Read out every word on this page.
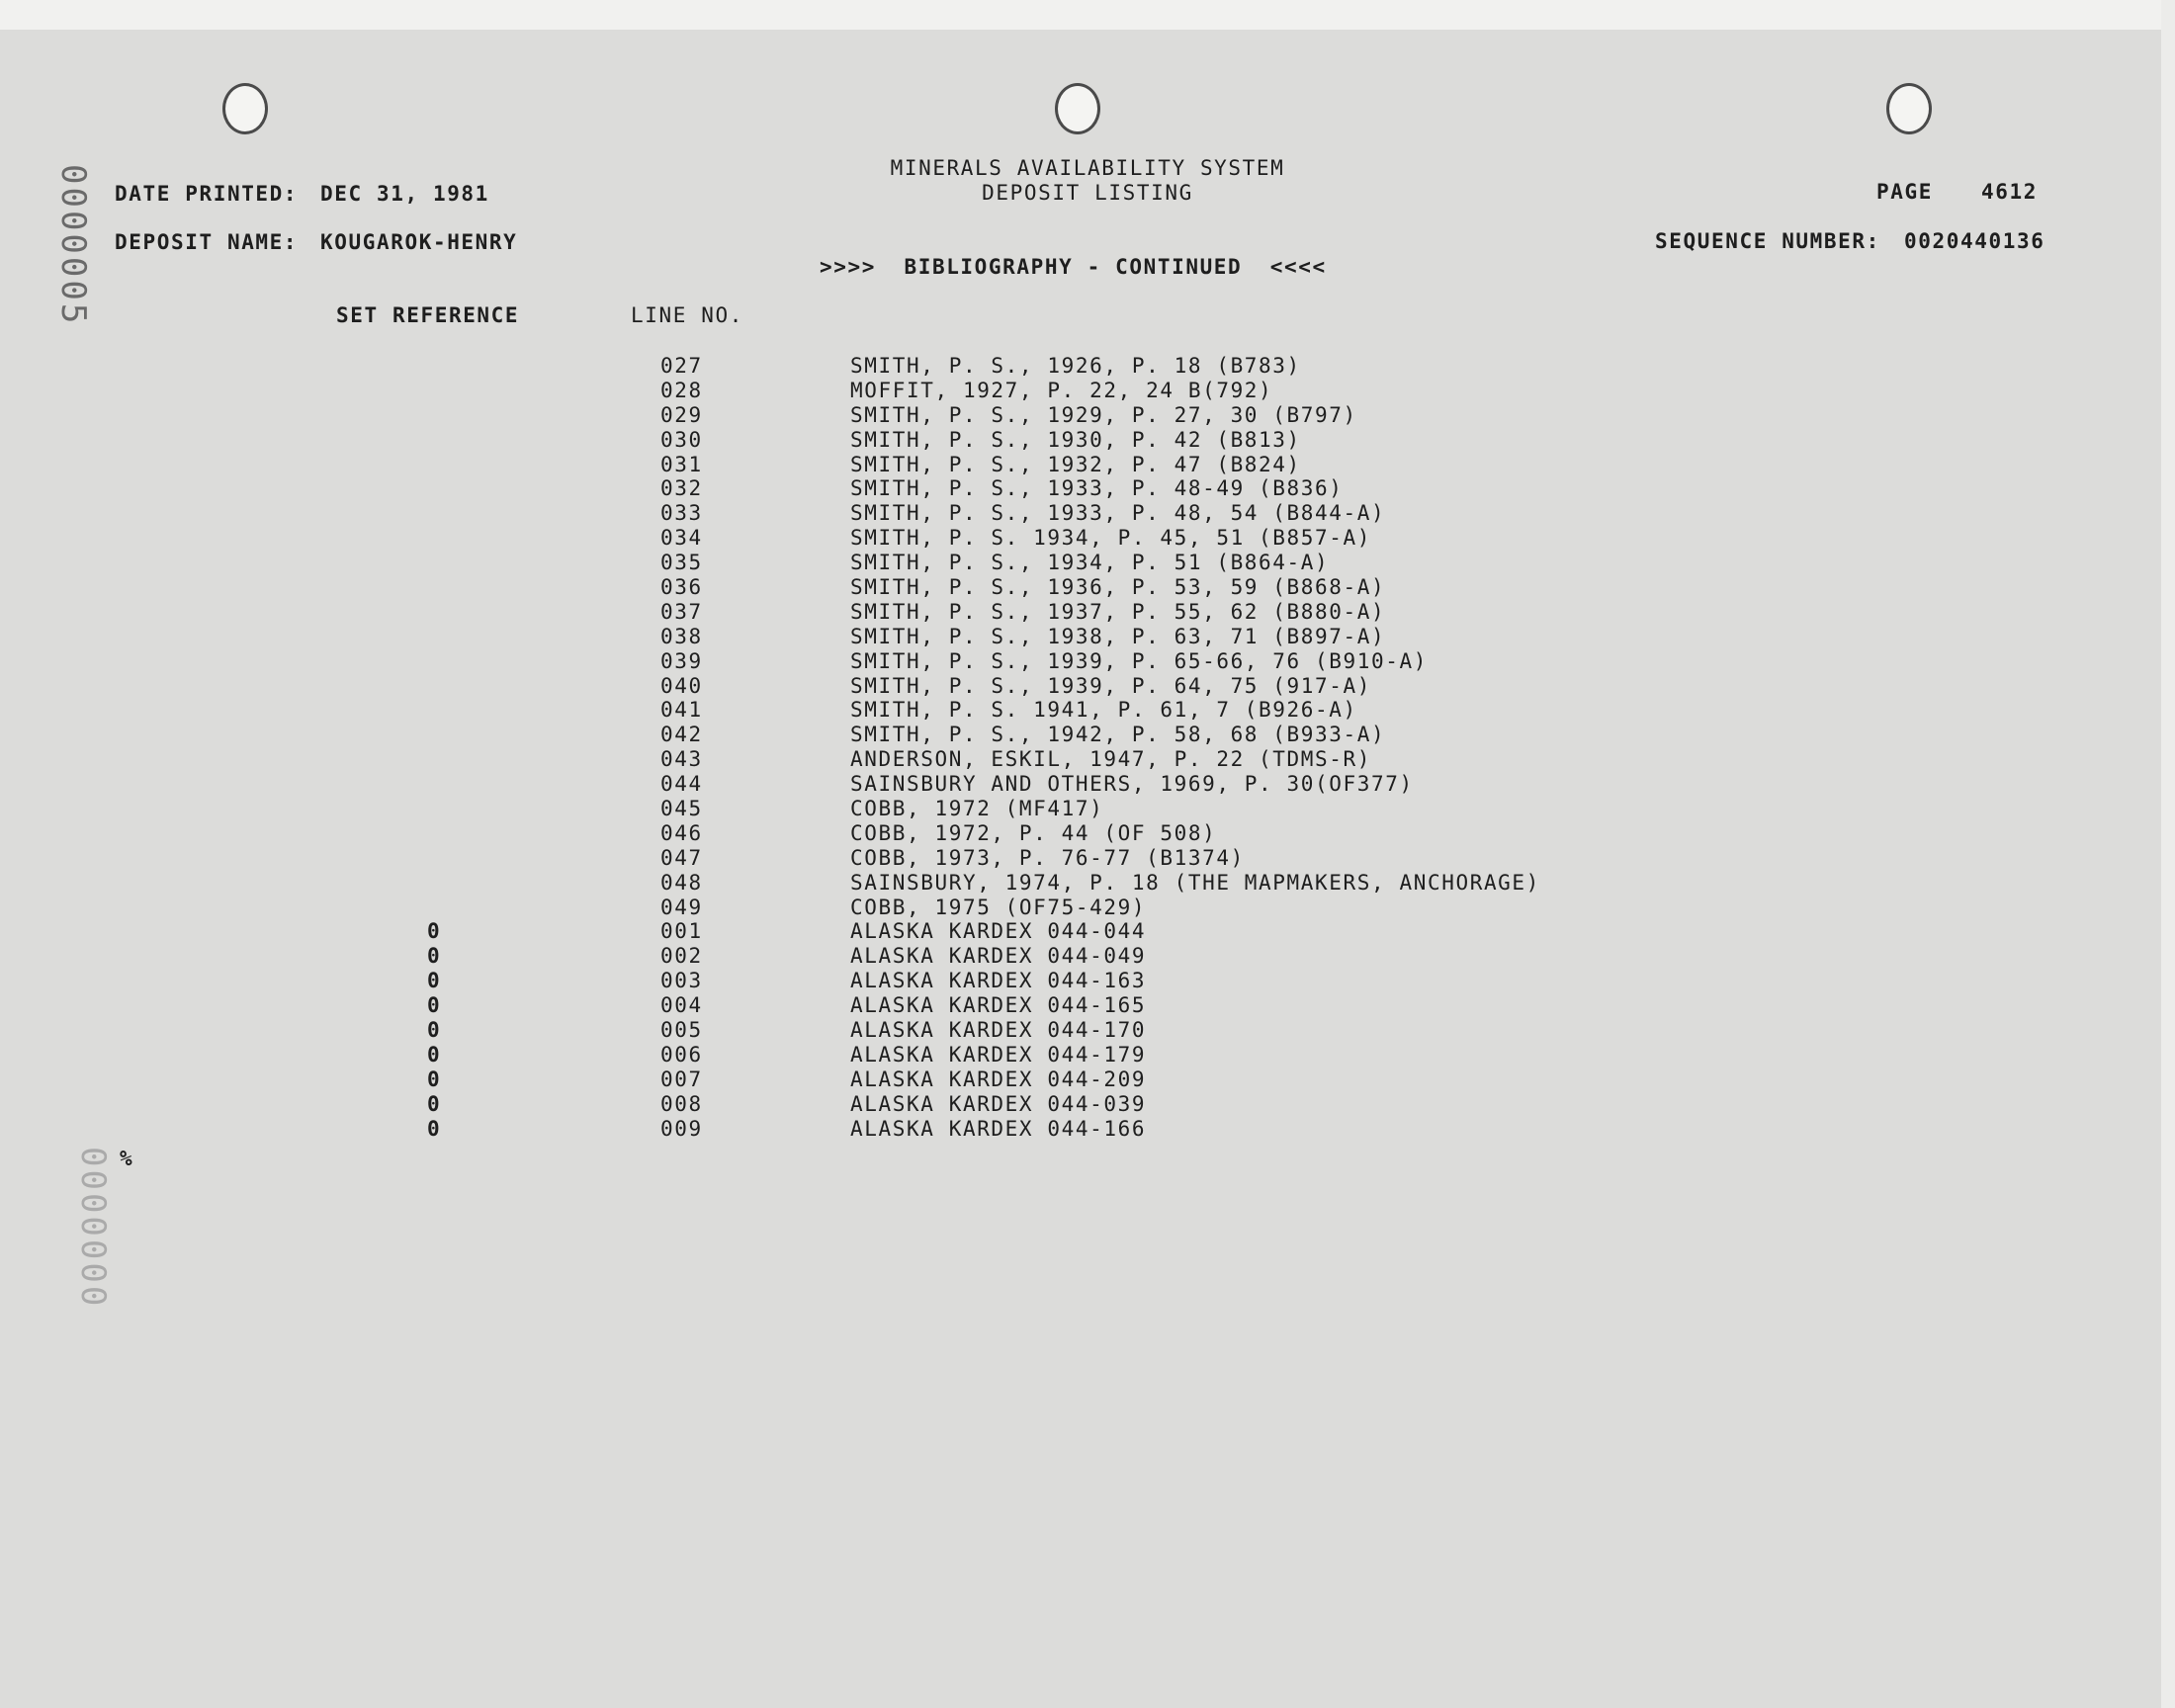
0000005
0000000
MINERALS AVAILABILITY SYSTEM
DEPOSIT LISTING
DATE PRINTED: DEC 31, 1981	PAGE 4612
DEPOSIT NAME: KOUGAROK-HENRY	SEQUENCE NUMBER: 0020440136
>>>>  BIBLIOGRAPHY - CONTINUED  <<<<
SET REFERENCE	LINE NO.
027	SMITH, P. S., 1926, P. 18 (B783)
028	MOFFIT, 1927, P. 22, 24 B(792)
029	SMITH, P. S., 1929, P. 27, 30 (B797)
030	SMITH, P. S., 1930, P. 42 (B813)
031	SMITH, P. S., 1932, P. 47 (B824)
032	SMITH, P. S., 1933, P. 48-49 (B836)
033	SMITH, P. S., 1933, P. 48, 54 (B844-A)
034	SMITH, P. S. 1934, P. 45, 51 (B857-A)
035	SMITH, P. S., 1934, P. 51 (B864-A)
036	SMITH, P. S., 1936, P. 53, 59 (B868-A)
037	SMITH, P. S., 1937, P. 55, 62 (B880-A)
038	SMITH, P. S., 1938, P. 63, 71 (B897-A)
039	SMITH, P. S., 1939, P. 65-66, 76 (B910-A)
040	SMITH, P. S., 1939, P. 64, 75 (917-A)
041	SMITH, P. S. 1941, P. 61, 7 (B926-A)
042	SMITH, P. S., 1942, P. 58, 68 (B933-A)
043	ANDERSON, ESKIL, 1947, P. 22 (TDMS-R)
044	SAINSBURY AND OTHERS, 1969, P. 30(OF377)
045	COBB, 1972 (MF417)
046	COBB, 1972, P. 44 (OF 508)
047	COBB, 1973, P. 76-77 (B1374)
048	SAINSBURY, 1974, P. 18 (THE MAPMAKERS, ANCHORAGE)
049	COBB, 1975 (OF75-429)
0	001	ALASKA KARDEX 044-044
0	002	ALASKA KARDEX 044-049
0	003	ALASKA KARDEX 044-163
0	004	ALASKA KARDEX 044-165
0	005	ALASKA KARDEX 044-170
0	006	ALASKA KARDEX 044-179
0	007	ALASKA KARDEX 044-209
0	008	ALASKA KARDEX 044-039
0	009	ALASKA KARDEX 044-166
%
